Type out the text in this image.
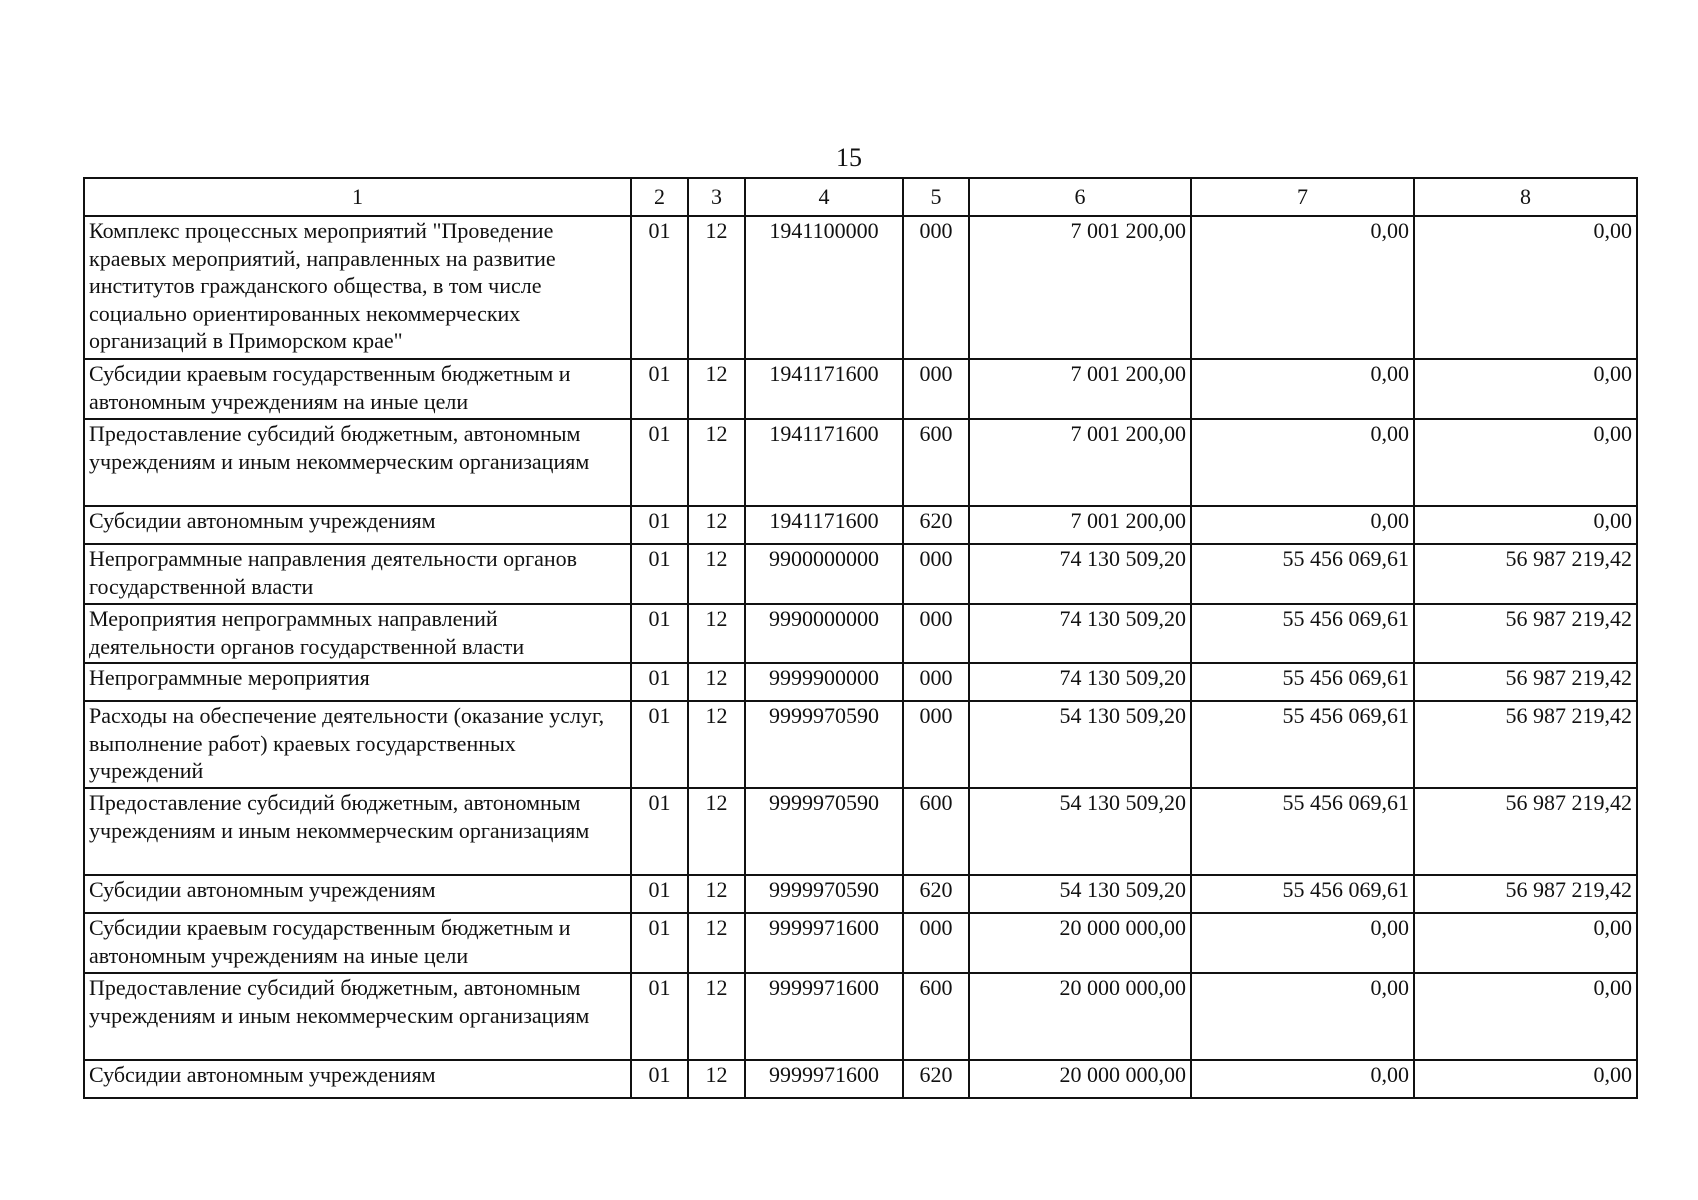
15
1	2	3	4	5	6	7	8
Комплекс процессных мероприятий "Проведение краевых мероприятий, направленных на развитие институтов гражданского общества, в том числе социально ориентированных некоммерческих организаций в Приморском крае"	01	12	1941100000	000	7 001 200,00	0,00	0,00
Субсидии краевым государственным бюджетным и автономным учреждениям на иные цели	01	12	1941171600	000	7 001 200,00	0,00	0,00
Предоставление субсидий бюджетным, автономным учреждениям и иным некоммерческим организациям	01	12	1941171600	600	7 001 200,00	0,00	0,00
Субсидии автономным учреждениям	01	12	1941171600	620	7 001 200,00	0,00	0,00
Непрограммные направления деятельности органов государственной власти	01	12	9900000000	000	74 130 509,20	55 456 069,61	56 987 219,42
Мероприятия непрограммных направлений деятельности органов государственной власти	01	12	9990000000	000	74 130 509,20	55 456 069,61	56 987 219,42
Непрограммные мероприятия	01	12	9999900000	000	74 130 509,20	55 456 069,61	56 987 219,42
Расходы на обеспечение деятельности (оказание услуг, выполнение работ) краевых государственных учреждений	01	12	9999970590	000	54 130 509,20	55 456 069,61	56 987 219,42
Предоставление субсидий бюджетным, автономным учреждениям и иным некоммерческим организациям	01	12	9999970590	600	54 130 509,20	55 456 069,61	56 987 219,42
Субсидии автономным учреждениям	01	12	9999970590	620	54 130 509,20	55 456 069,61	56 987 219,42
Субсидии краевым государственным бюджетным и автономным учреждениям на иные цели	01	12	9999971600	000	20 000 000,00	0,00	0,00
Предоставление субсидий бюджетным, автономным учреждениям и иным некоммерческим организациям	01	12	9999971600	600	20 000 000,00	0,00	0,00
Субсидии автономным учреждениям	01	12	9999971600	620	20 000 000,00	0,00	0,00
